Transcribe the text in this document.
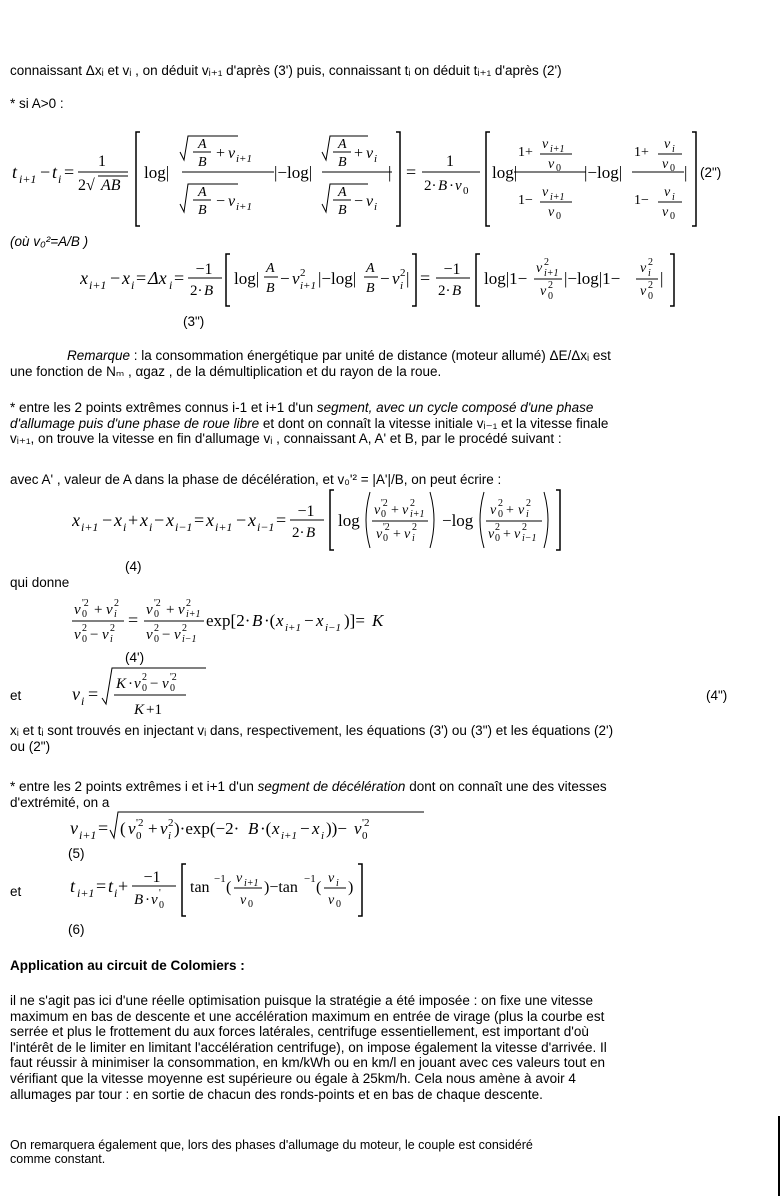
connaissant Δxᵢ et vᵢ , on déduit vᵢ₊₁ d'après (3') puis, connaissant tᵢ on déduit tᵢ₊₁ d'après (2')
* si A>0 :
t i+1 − t i =
1
2√ AB
log|
A
B
+ v i+1
A
B
− v i+1
|−log|
A
B
+ v i
A
B
− v i
| =
1
2· B · v 0
log|
1+
v i+1
v 0
1−
v i+1
v 0
|−log|
1+
v i
v 0
1−
v i
v 0
| (2")
(où v₀²=A/B )
x i+1 − x i = Δx i = −1
2· B
log|
A
B
− v 2
i+1 |−log|
A
B
− v 2
i | = −1
2· B
log|1−
v 2
i+1
v 2
0
|−log|1−
v 2
i
v 2
0
|
(3")
Remarque : la consommation énergétique par unité de distance (moteur allumé) ΔE/Δxᵢ est
une fonction de Nₘ , αgaz , de la démultiplication et du rayon de la roue.
* entre les 2 points extrêmes connus i-1 et i+1 d'un segment, avec un cycle composé d'une phase
d'allumage puis d'une phase de roue libre et dont on connaît la vitesse initiale vᵢ₋₁ et la vitesse finale
vᵢ₊₁, on trouve la vitesse en fin d'allumage vᵢ , connaissant A, A' et B, par le procédé suivant :
avec A' , valeur de A dans la phase de décélération, et v₀'² = |A'|/B, on peut écrire :
x i+1 − x i + x i − x i−1 = x i+1 − x i−1 = −1
2· B
log
v '2
0 + v 2
i+1
v '2
0 + v 2
i
−log
v 2
0 + v 2
i
v 2
0 + v 2
i−1
(4)
qui donne
v '2
0 + v 2
i
v 2
0 − v 2
i
= v '2
0 + v 2
i+1
v 2
0 − v 2
i−1
exp[2· B ·( x i+1 − x i−1 )]= K
(4')
et	v i = K · v 2
0 − v '2
0
K +1
(4")
xᵢ et tᵢ sont trouvés en injectant vᵢ dans, respectivement, les équations (3') ou (3") et les équations (2')
ou (2")
* entre les 2 points extrêmes i et i+1 d'un segment de décélération dont on connaît une des vitesses
d'extrémité, on a
v i+1 = ( v '2
0 + v 2
i )·exp(−2· B ·( x i+1 − x i ))− v '2
0
(5)
et	t i+1 = t i + −1
B · v '
0
tan −1 (
v i+1
v 0
)−tan −1 (
v i
v 0
)
(6)
Application au circuit de Colomiers :
il ne s'agit pas ici d'une réelle optimisation puisque la stratégie a été imposée : on fixe une vitesse
maximum en bas de descente et une accélération maximum en entrée de virage (plus la courbe est
serrée et plus le frottement du aux forces latérales, centrifuge essentiellement, est important d'où
l'intérêt de le limiter en limitant l'accélération centrifuge), on impose également la vitesse d'arrivée. Il
faut réussir à minimiser la consommation, en km/kWh ou en km/l en jouant avec ces valeurs tout en
vérifiant que la vitesse moyenne est supérieure ou égale à 25km/h. Cela nous amène à avoir 4
allumages par tour : en sortie de chacun des ronds-points et en bas de chaque descente.
On remarquera également que, lors des phases d'allumage du moteur, le couple est considéré
comme constant.
